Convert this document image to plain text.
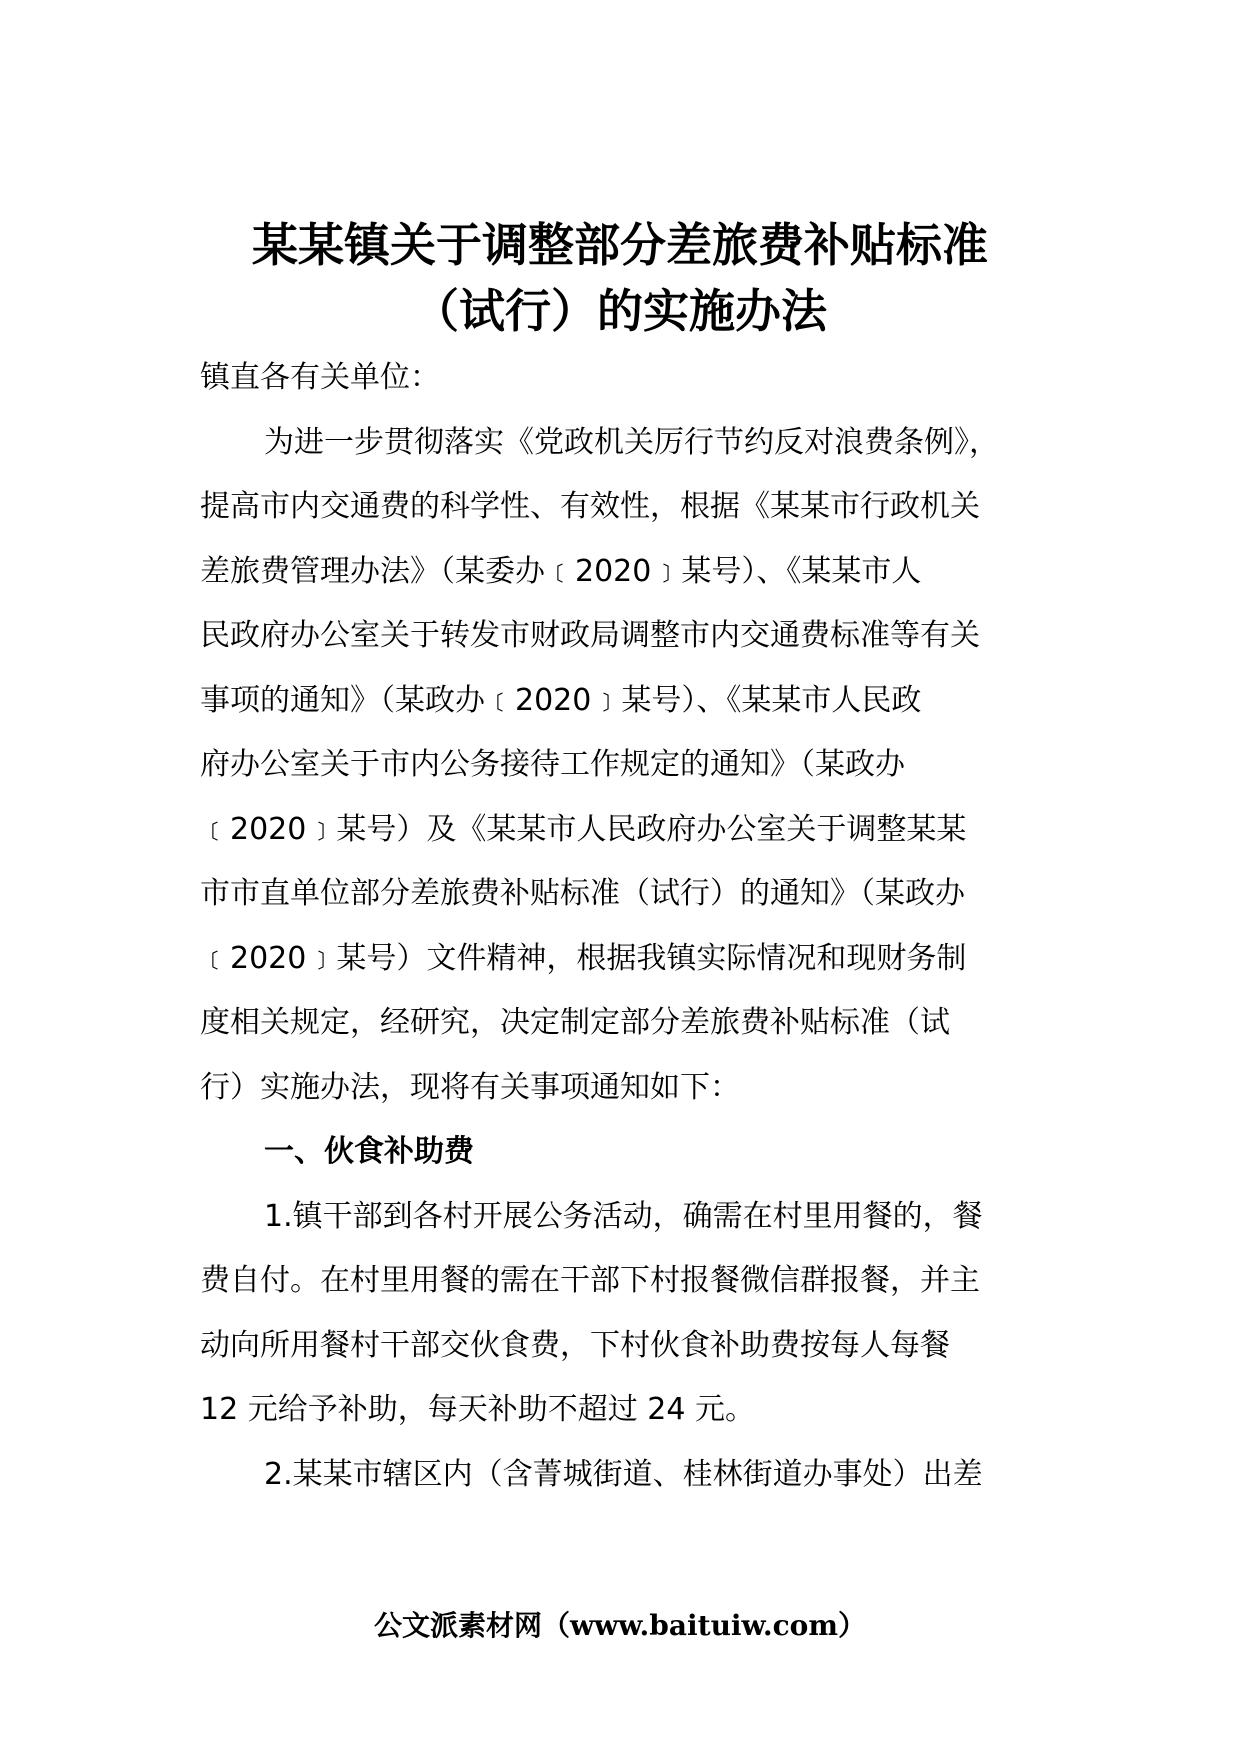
某某镇关于调整部分差旅费补贴标准
（试行）的实施办法
镇直各有关单位：
为进一步贯彻落实《党政机关厉行节约反对浪费条例》，
提高市内交通费的科学性、有效性，根据《某某市行政机关
差旅费管理办法》（某委办﹝2020﹞某号）、《某某市人
民政府办公室关于转发市财政局调整市内交通费标准等有关
事项的通知》（某政办﹝2020﹞某号）、《某某市人民政
府办公室关于市内公务接待工作规定的通知》（某政办
﹝2020﹞某号）及《某某市人民政府办公室关于调整某某
市市直单位部分差旅费补贴标准（试行）的通知》（某政办
﹝2020﹞某号）文件精神，根据我镇实际情况和现财务制
度相关规定，经研究，决定制定部分差旅费补贴标准（试
行）实施办法，现将有关事项通知如下：
一、伙食补助费
1.镇干部到各村开展公务活动，确需在村里用餐的，餐
费自付。在村里用餐的需在干部下村报餐微信群报餐，并主
动向所用餐村干部交伙食费，下村伙食补助费按每人每餐
12 元给予补助，每天补助不超过 24 元。
2.某某市辖区内（含菁城街道、桂林街道办事处）出差
公文派素材网（www.baituiw.com）
